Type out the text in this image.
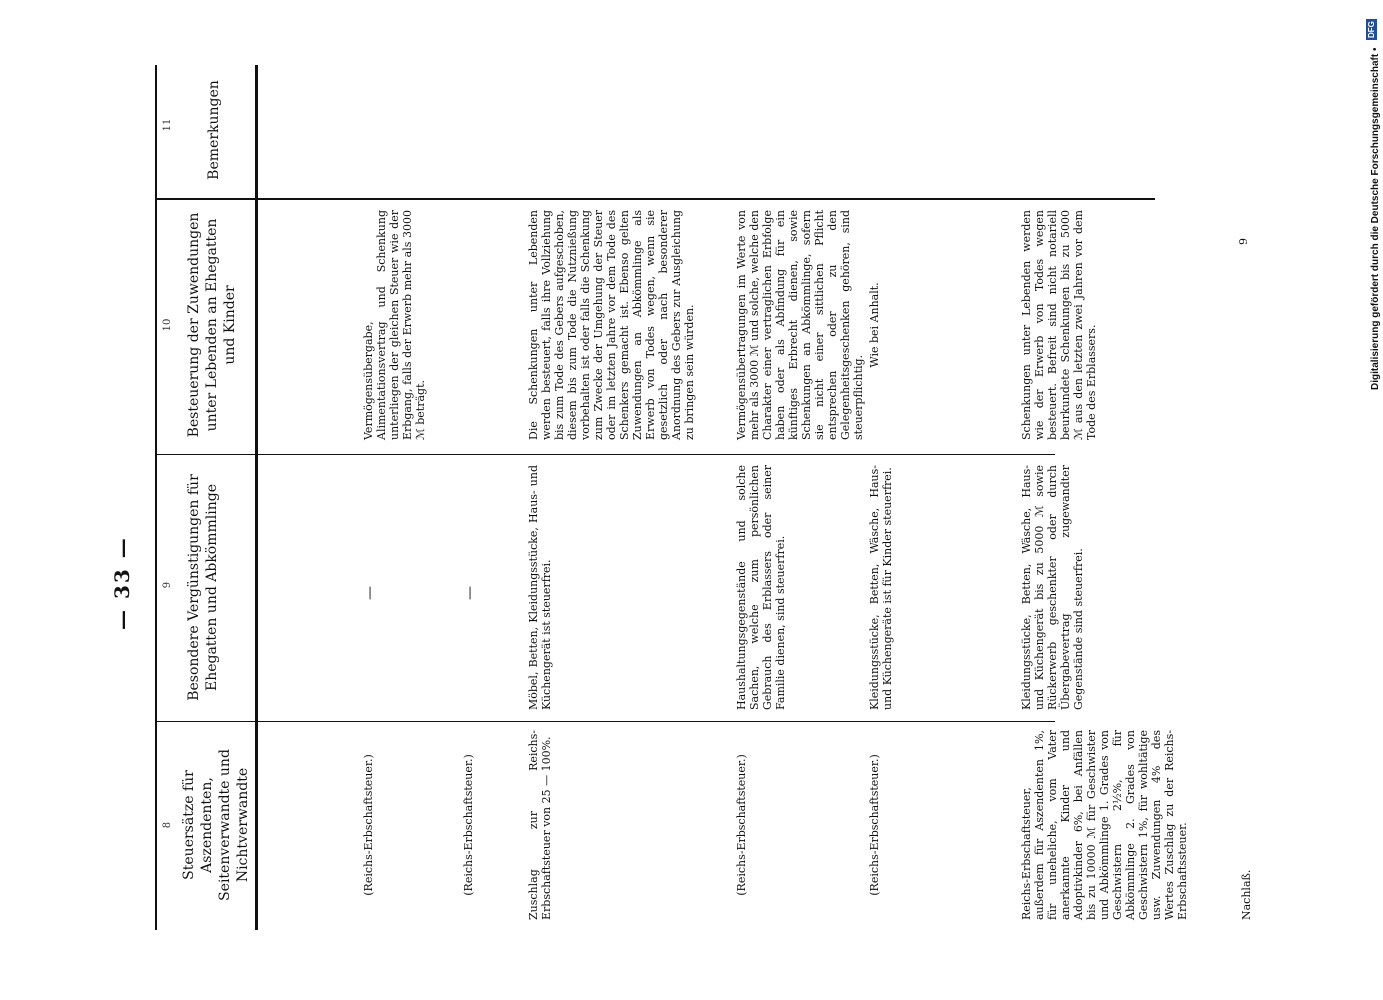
— 33 —
8
9
10
11
Steuersätze für Aszendenten, Seitenverwandte und Nichtverwandte
Besondere Vergünstigungen für Ehegatten und Abkömmlinge
Besteuerung der Zuwendungen unter Lebenden an Ehegatten und Kinder
Bemerkungen
(Reichs-Erbschaftsteuer.)
—
Vermögensübergabe, Alimentationsvertrag und Schenkung unterliegen der gleichen Steuer wie der Erbgang, falls der Erwerb mehr als 3000 ℳ beträgt.
(Reichs-Erbschaftsteuer.)
—
Zuschlag zur Reichs-Erbschaftsteuer von 25 — 100%.
Möbel, Betten, Kleidungsstücke, Haus- und Küchengerät ist steuerfrei.
Die Schenkungen unter Lebenden werden besteuert, falls ihre Vollziehung bis zum Tode des Gebers aufgeschoben, diesem bis zum Tode die Nutznießung vorbehalten ist oder falls die Schenkung zum Zwecke der Umgehung der Steuer oder im letzten Jahre vor dem Tode des Schenkers gemacht ist. Ebenso gelten Zuwendungen an Abkömmlinge als Erwerb von Todes wegen, wenn sie gesetzlich oder nach besonderer Anordnung des Gebers zur Ausgleichung zu bringen sein würden.
(Reichs-Erbschaftsteuer.)
Haushaltungsgegenstände und solche Sachen, welche zum persönlichen Gebrauch des Erblassers oder seiner Familie dienen, sind steuerfrei.
Vermögensübertragungen im Werte von mehr als 3000 ℳ und solche, welche den Charakter einer vertraglichen Erbfolge haben oder als Abfindung für ein künftiges Erbrecht dienen, sowie Schenkungen an Abkömmlinge, sofern sie nicht einer sittlichen Pflicht entsprechen oder zu den Gelegenheitsgeschenken gehören, sind steuerpflichtig.
(Reichs-Erbschaftsteuer.)
Kleidungsstücke, Betten, Wäsche, Haus- und Küchengeräte ist für Kinder steuerfrei.
Wie bei Anhalt.
Reichs-Erbschaftsteuer, außerdem für Aszendenten 1%, für uneheliche, vom Vater anerkannte Kinder und Adoptivkinder 6%, bei Anfällen bis zu 10000 ℳ für Geschwister und Abkömmlinge 1. Grades von Geschwistern 2½%, für Abkömmlinge 2. Grades von Geschwistern 1%, für wohltätige usw. Zuwendungen 4% des Wertes Zuschlag zu der Reichs-Erbschaftssteuer.
Kleidungsstücke, Betten, Wäsche, Haus- und Küchengerät bis zu 5000 ℳ sowie Rückerwerb geschenkter oder durch Übergabevertrag zugewandter Gegenstände sind steuerfrei.
Schenkungen unter Lebenden werden wie der Erwerb von Todes wegen besteuert. Befreit sind nicht notariell beurkundete Schenkungen bis zu 5000 ℳ aus den letzten zwei Jahren vor dem Tode des Erblassers.
Nachlaß.
9	Digitalisierung gefördert durch die Deutsche Forschungsgemeinschaft •
DFG
